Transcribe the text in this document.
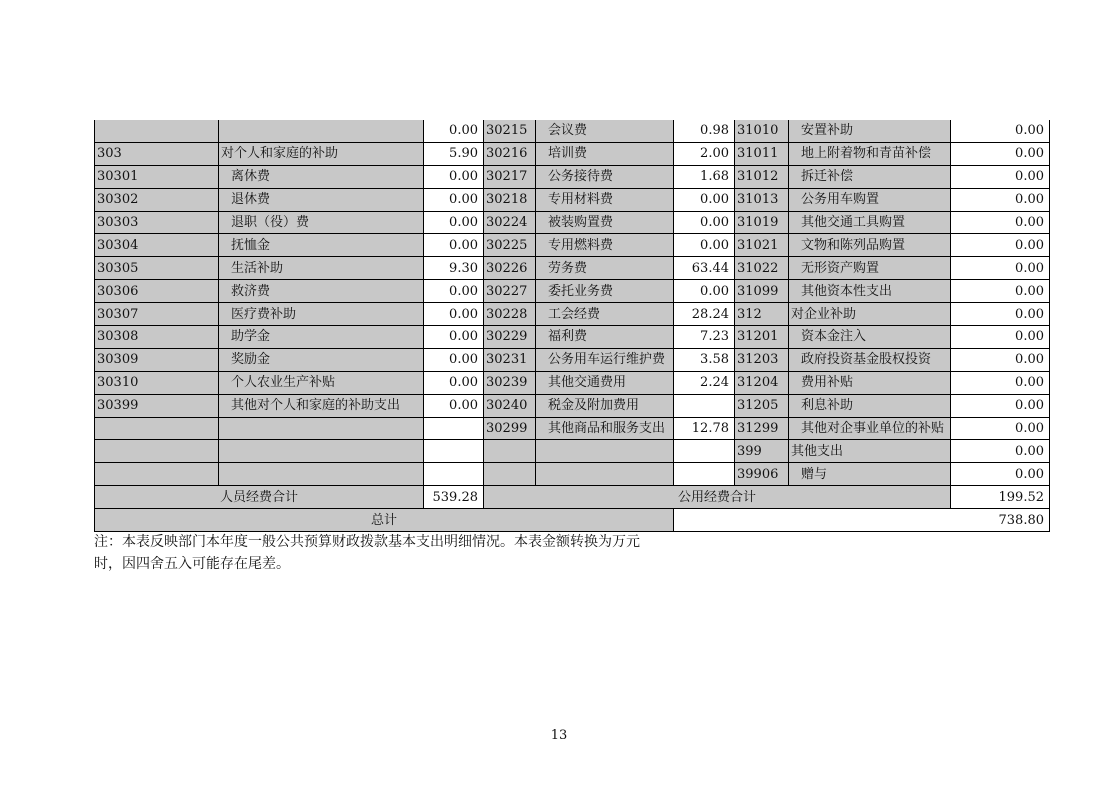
		0.00	30215	会议费	0.98	31010	安置补助	0.00
303	对个人和家庭的补助	5.90	30216	培训费	2.00	31011	地上附着物和青苗补偿	0.00
30301	离休费	0.00	30217	公务接待费	1.68	31012	拆迁补偿	0.00
30302	退休费	0.00	30218	专用材料费	0.00	31013	公务用车购置	0.00
30303	退职（役）费	0.00	30224	被装购置费	0.00	31019	其他交通工具购置	0.00
30304	抚恤金	0.00	30225	专用燃料费	0.00	31021	文物和陈列品购置	0.00
30305	生活补助	9.30	30226	劳务费	63.44	31022	无形资产购置	0.00
30306	救济费	0.00	30227	委托业务费	0.00	31099	其他资本性支出	0.00
30307	医疗费补助	0.00	30228	工会经费	28.24	312	对企业补助	0.00
30308	助学金	0.00	30229	福利费	7.23	31201	资本金注入	0.00
30309	奖励金	0.00	30231	公务用车运行维护费	3.58	31203	政府投资基金股权投资	0.00
30310	个人农业生产补贴	0.00	30239	其他交通费用	2.24	31204	费用补贴	0.00
30399	其他对个人和家庭的补助支出	0.00	30240	税金及附加费用		31205	利息补助	0.00
			30299	其他商品和服务支出	12.78	31299	其他对企事业单位的补贴	0.00
						399	其他支出	0.00
						39906	赠与	0.00
人员经费合计		539.28	公用经费合计					199.52
总计					738.80			
注：本表反映部门本年度一般公共预算财政拨款基本支出明细情况。本表金额转换为万元
时，因四舍五入可能存在尾差。
13
